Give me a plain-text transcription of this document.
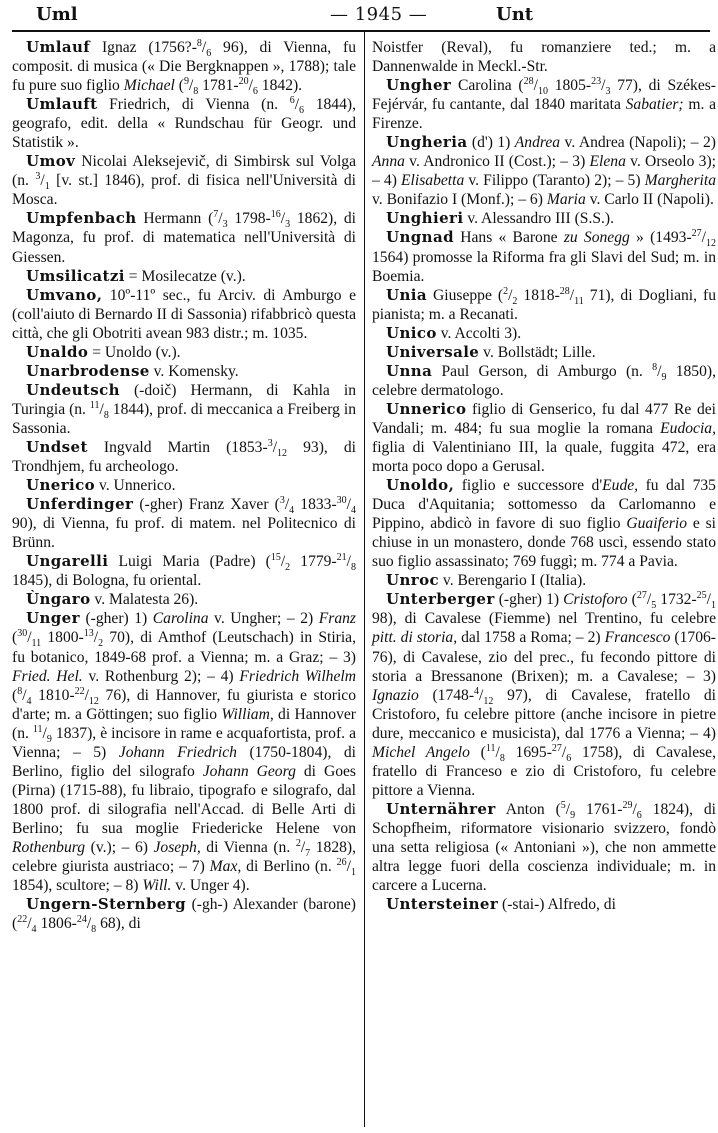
Uml	— 1945 —	Unt

Umlauf Ignaz ($1756?-^8/_6$ 96), di Vienna, fu composit. di musica (« Die Bergknappen », 1788); tale fu pure suo figlio Michael ($^9/_8$ $1781-^{20}/_6$ 1842).

Umlauft Friedrich, di Vienna (n. $^6/_6$ 1844), geografo, edit. della « Rundschau für Geogr. und Statistik ».

Umov Nicolai Aleksejevič, di Simbirsk sul Volga (n. $^3/_1$ [v. st.] 1846), prof. di fisica nell'Università di Mosca.

Umpfenbach Hermann ($^7/_3$ $1798-^{16}/_3$ 1862), di Magonza, fu prof. di matematica nell'Università di Giessen.

Umsilicatzi = Mosilecatze (v.).

Umvano, 10º-11º sec., fu Arciv. di Amburgo e (coll'aiuto di Bernardo II di Sassonia) rifabbricò questa città, che gli Obotriti avean 983 distr.; m. 1035.

Unaldo = Unoldo (v.).

Unarbrodense v. Komensky.

Undeutsch (-doič) Hermann, di Kahla in Turingia (n. $^{11}/_8$ 1844), prof. di meccanica a Freiberg in Sassonia.

Undset Ingvald Martin ($1853-^3/_{12}$ 93), di Trondhjem, fu archeologo.

Unerico v. Unnerico.

Unferdinger (-gher) Franz Xaver ($^3/_4$ $1833-^{30}/_4$ 90), di Vienna, fu prof. di matem. nel Politecnico di Brünn.

Ungarelli Luigi Maria (Padre) ($^{15}/_2$ $1779-^{21}/_8$ 1845), di Bologna, fu oriental.

Ùngaro v. Malatesta 26).

Unger (-gher) 1) Carolina v. Ungher; – 2) Franz ($^{30}/_{11}$ $1800-^{13}/_2$ 70), di Amthof (Leutschach) in Stiria, fu botanico, 1849-68 prof. a Vienna; m. a Graz; – 3) Fried. Hel. v. Rothenburg 2); – 4) Friedrich Wilhelm ($^8/_4$ $1810-^{22}/_{12}$ 76), di Hannover, fu giurista e storico d'arte; m. a Göttingen; suo figlio William, di Hannover (n. $^{11}/_9$ 1837), è incisore in rame e acquafortista, prof. a Vienna; – 5) Johann Friedrich (1750-1804), di Berlino, figlio del silografo Johann Georg di Goes (Pirna) (1715-88), fu libraio, tipografo e silografo, dal 1800 prof. di silografia nell'Accad. di Belle Arti di Berlino; fu sua moglie Friedericke Helene von Rothenburg (v.); – 6) Joseph, di Vienna (n. $^2/_7$ 1828), celebre giurista austriaco; – 7) Max, di Berlino (n. $^{26}/_1$ 1854), scultore; – 8) Will. v. Unger 4).

Ungern-Sternberg (-gh-) Alexander (barone) ($^{22}/_4$ $1806-^{24}/_8$ 68), di

Noistfer (Reval), fu romanziere ted.; m. a Dannenwalde in Meckl.-Str.

Ungher Carolina ($^{28}/_{10}$ $1805-^{23}/_3$ 77), di Székes-Fejérvár, fu cantante, dal 1840 maritata Sabatier; m. a Firenze.

Ungheria (d') 1) Andrea v. Andrea (Napoli); – 2) Anna v. Andronico II (Cost.); – 3) Elena v. Orseolo 3); – 4) Elisabetta v. Filippo (Taranto) 2); – 5) Margherita v. Bonifazio I (Monf.); – 6) Maria v. Carlo II (Napoli).

Unghieri v. Alessandro III (S.S.).

Ungnad Hans « Barone zu Sonegg » ($1493-^{27}/_{12}$ 1564) promosse la Riforma fra gli Slavi del Sud; m. in Boemia.

Unia Giuseppe ($^2/_2$ $1818-^{28}/_{11}$ 71), di Dogliani, fu pianista; m. a Recanati.

Unico v. Accolti 3).

Universale v. Bollstädt; Lille.

Unna Paul Gerson, di Amburgo (n. $^8/_9$ 1850), celebre dermatologo.

Unnerico figlio di Genserico, fu dal 477 Re dei Vandali; m. 484; fu sua moglie la romana Eudocia, figlia di Valentiniano III, la quale, fuggita 472, era morta poco dopo a Gerusal.

Unoldo, figlio e successore d'Eude, fu dal 735 Duca d'Aquitania; sottomesso da Carlomanno e Pippino, abdicò in favore di suo figlio Guaiferio e si chiuse in un monastero, donde 768 uscì, essendo stato suo figlio assassinato; 769 fuggì; m. 774 a Pavia.

Unroc v. Berengario I (Italia).

Unterberger (-gher) 1) Cristoforo ($^{27}/_5$ $1732-^{25}/_1$ 98), di Cavalese (Fiemme) nel Trentino, fu celebre pitt. di storia, dal 1758 a Roma; – 2) Francesco (1706-76), di Cavalese, zio del prec., fu fecondo pittore di storia a Bressanone (Brixen); m. a Cavalese; – 3) Ignazio ($1748-^4/_{12}$ 97), di Cavalese, fratello di Cristoforo, fu celebre pittore (anche incisore in pietre dure, meccanico e musicista), dal 1776 a Vienna; – 4) Michel Angelo ($^{11}/_8$ $1695-^{27}/_6$ 1758), di Cavalese, fratello di Franceso e zio di Cristoforo, fu celebre pittore a Vienna.

Unternährer Anton ($^5/_9$ $1761-^{29}/_6$ 1824), di Schopfheim, riformatore visionario svizzero, fondò una setta religiosa (« Antoniani »), che non ammette altra legge fuori della coscienza individuale; m. in carcere a Lucerna.

Untersteiner (-stai-) Alfredo, di
